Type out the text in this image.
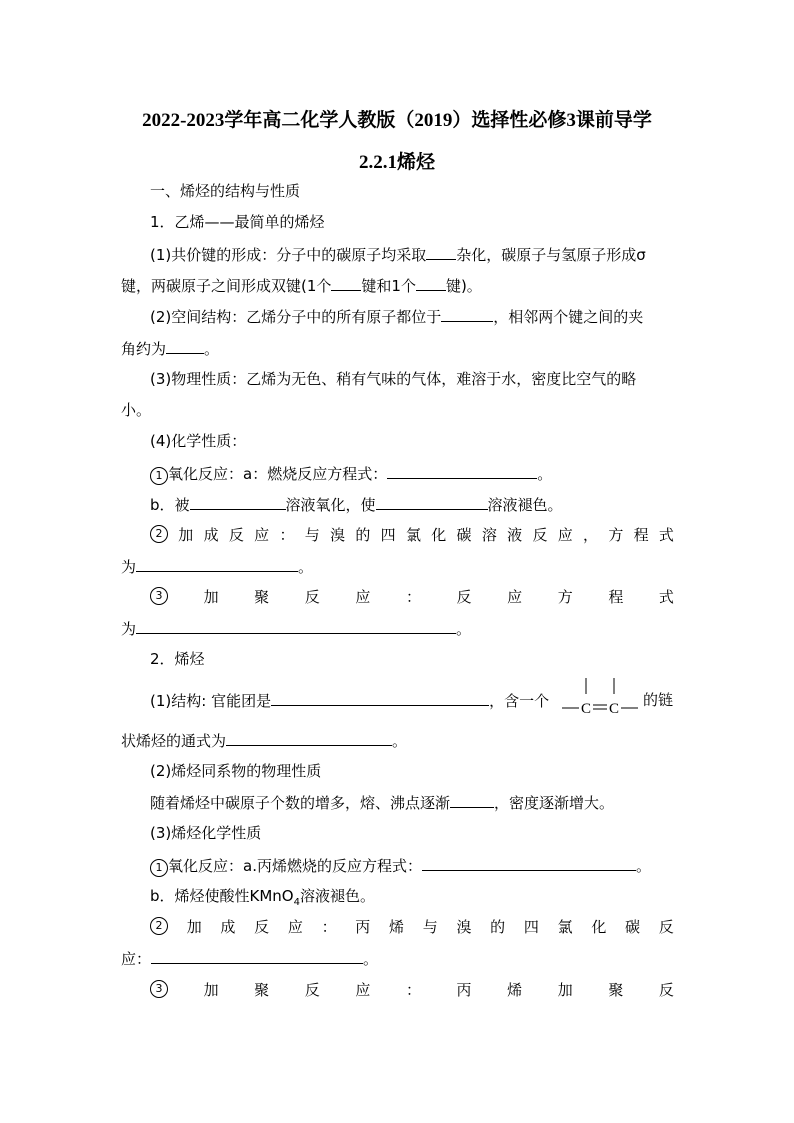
2022-2023学年高二化学人教版（2019）选择性必修3课前导学
2.2.1烯烃
一、烯烃的结构与性质
1．乙烯——最简单的烯烃
(1)共价键的形成：分子中的碳原子均采取 杂化，碳原子与氢原子形成σ
键，两碳原子之间形成双键(1个 键和1个 键)。
(2)空间结构：乙烯分子中的所有原子都位于	，相邻两个键之间的夹
角约为	。
(3)物理性质：乙烯为无色、稍有气味的气体，难溶于水，密度比空气的略
小。
(4)化学性质：
1 氧化反应：a：燃烧反应方程式：	。
b．被	溶液氧化，使	溶液褪色。
2	加 成 反 应 ： 与 溴 的 四 氯 化 碳 溶 液 反 应 ， 方 程 式
为	。
3	加 聚 反 应 ： 反 应 方 程 式
为	。
2．烯烃
(1)结构: 官能团是	，含一个 C C 的链
状烯烃的通式为	。
(2)烯烃同系物的物理性质
随着烯烃中碳原子个数的增多，熔、沸点逐渐	，密度逐渐增大。
(3)烯烃化学性质
1 氧化反应：a.丙烯燃烧的反应方程式：	。
b．烯烃使酸性KMnO$_4$溶液褪色。
2	加 成 反 应 ： 丙 烯 与 溴 的 四 氯 化 碳 反
应：	。
3	加 聚 反 应 ： 丙 烯 加 聚 反
